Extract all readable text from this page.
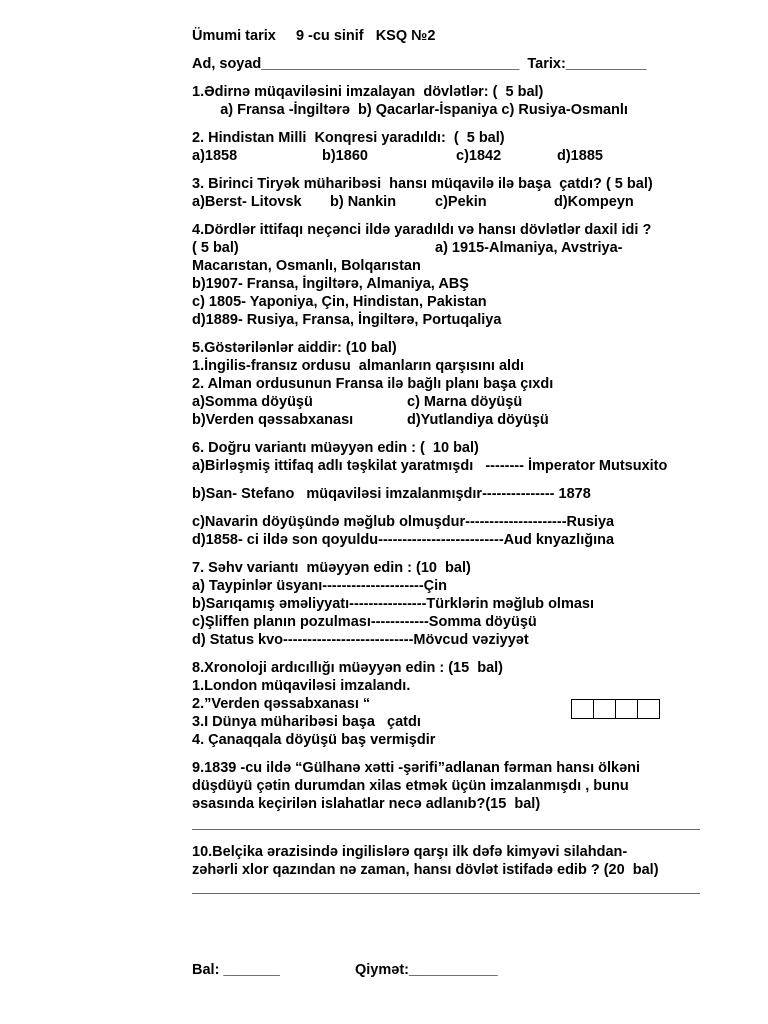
Ümumi tarix     9 -cu sinif   KSQ №2
Ad, soyad________________________________  Tarix:__________
1.Ədirnə müqaviləsini imzalayan  dövlətlər: (  5 bal)
a) Fransa -İngiltərə  b) Qacarlar-İspaniya c) Rusiya-Osmanlı
2. Hindistan Milli  Konqresi yaradıldı:  (  5 bal)
a)1858	b)1860	c)1842	d)1885
3. Birinci Tiryək müharibəsi  hansı müqavilə ilə başa  çatdı? ( 5 bal)
a)Berst- Litovsk b) Nankin	c)Pekin	d)Kompeyn
4.Dördlər ittifaqı neçənci ildə yaradıldı və hansı dövlətlər daxil idi ?
( 5 bal)	a) 1915-Almaniya, Avstriya-
Macarıstan, Osmanlı, Bolqarıstan
b)1907- Fransa, İngiltərə, Almaniya, ABŞ
c) 1805- Yaponiya, Çin, Hindistan, Pakistan
d)1889- Rusiya, Fransa, İngiltərə, Portuqaliya
5.Göstərilənlər aiddir: (10 bal)
1.İngilis-fransız ordusu  almanların qarşısını aldı
2. Alman ordusunun Fransa ilə bağlı planı başa çıxdı
a)Somma döyüşü	c) Marna döyüşü
b)Verden qəssabxanası	d)Yutlandiya döyüşü
6. Doğru variantı müəyyən edin : (  10 bal)
a)Birləşmiş ittifaq adlı təşkilat yaratmışdı   -------- İmperator Mutsuxito
b)San- Stefano   müqaviləsi imzalanmışdır--------------- 1878
c)Navarin döyüşündə məğlub olmuşdur---------------------Rusiya
d)1858- ci ildə son qoyuldu--------------------------Aud knyazlığına
7. Səhv variantı  müəyyən edin : (10  bal)
a) Taypinlər üsyanı---------------------Çin
b)Sarıqamış əməliyyatı----------------Türklərin məğlub olması
c)Şliffen planın pozulması------------Somma döyüşü
d) Status kvo---------------------------Mövcud vəziyyət
8.Xronoloji ardıcıllığı müəyyən edin : (15  bal)
1.London müqaviləsi imzalandı.
2.”Verden qəssabxanası “
3.I Dünya müharibəsi başa   çatdı
4. Çanaqqala döyüşü baş vermişdir
9.1839 -cu ildə “Gülhanə xətti -şərifi”adlanan fərman hansı ölkəni
düşdüyü çətin durumdan xilas etmək üçün imzalanmışdı , bunu
əsasında keçirilən islahatlar necə adlanıb?(15  bal)
10.Belçika ərazisində ingilislərə qarşı ilk dəfə kimyəvi silahdan-
zəhərli xlor qazından nə zaman, hansı dövlət istifadə edib ? (20  bal)
Bal: _______	Qiymət:___________
